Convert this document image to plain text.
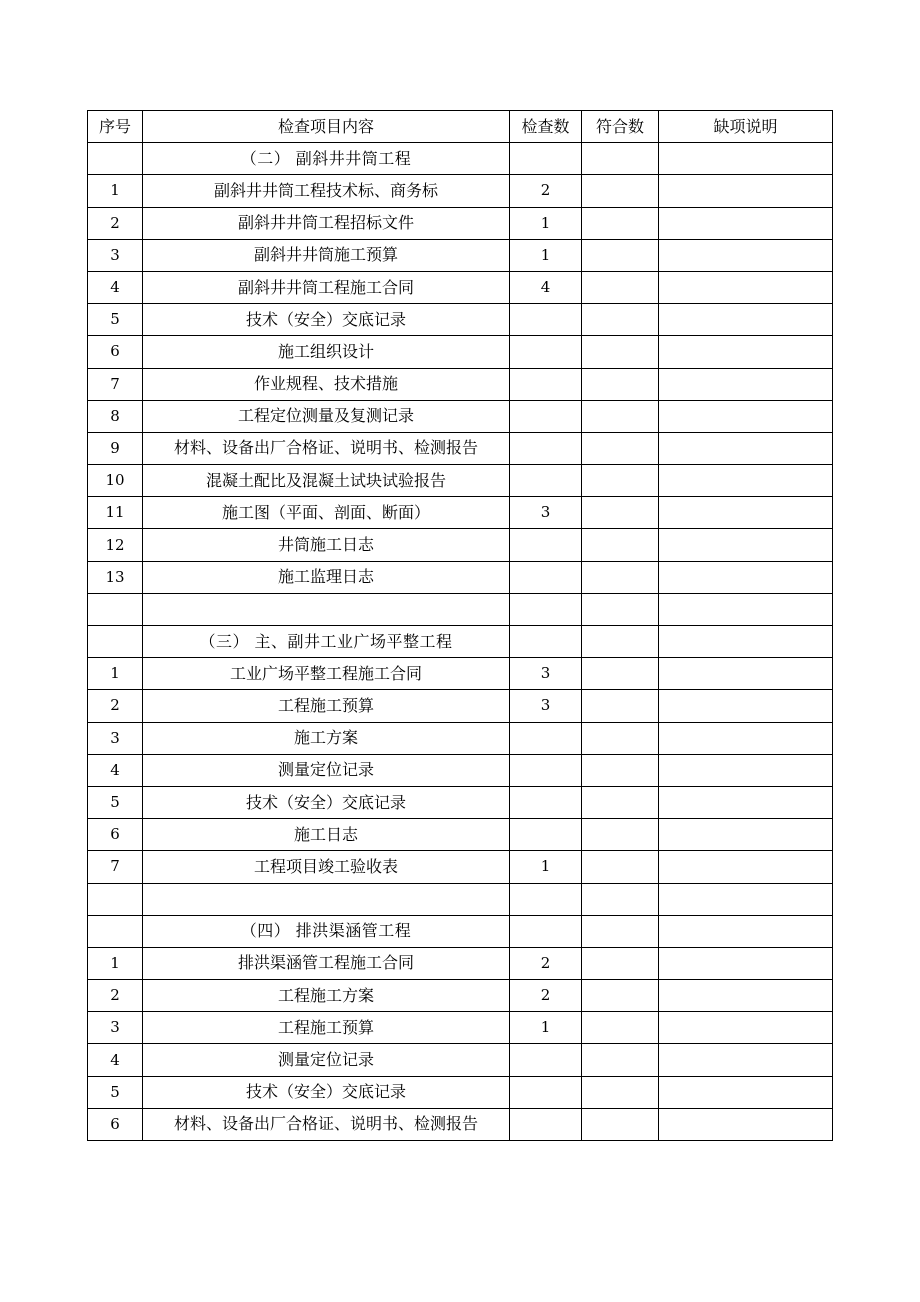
序号	检查项目内容	检查数	符合数	缺项说明
	（二） 副斜井井筒工程			
1	副斜井井筒工程技术标、商务标	2		
2	副斜井井筒工程招标文件	1		
3	副斜井井筒施工预算	1		
4	副斜井井筒工程施工合同	4		
5	技术（安全）交底记录			
6	施工组织设计			
7	作业规程、技术措施			
8	工程定位测量及复测记录			
9	材料、设备出厂合格证、说明书、检测报告			
10	混凝土配比及混凝土试块试验报告			
11	施工图（平面、剖面、断面）	3		
12	井筒施工日志			
13	施工监理日志			

	（三） 主、副井工业广场平整工程			
1	工业广场平整工程施工合同	3		
2	工程施工预算	3		
3	施工方案			
4	测量定位记录			
5	技术（安全）交底记录			
6	施工日志			
7	工程项目竣工验收表	1		

	（四） 排洪渠涵管工程			
1	排洪渠涵管工程施工合同	2		
2	工程施工方案	2		
3	工程施工预算	1		
4	测量定位记录			
5	技术（安全）交底记录			
6	材料、设备出厂合格证、说明书、检测报告			
